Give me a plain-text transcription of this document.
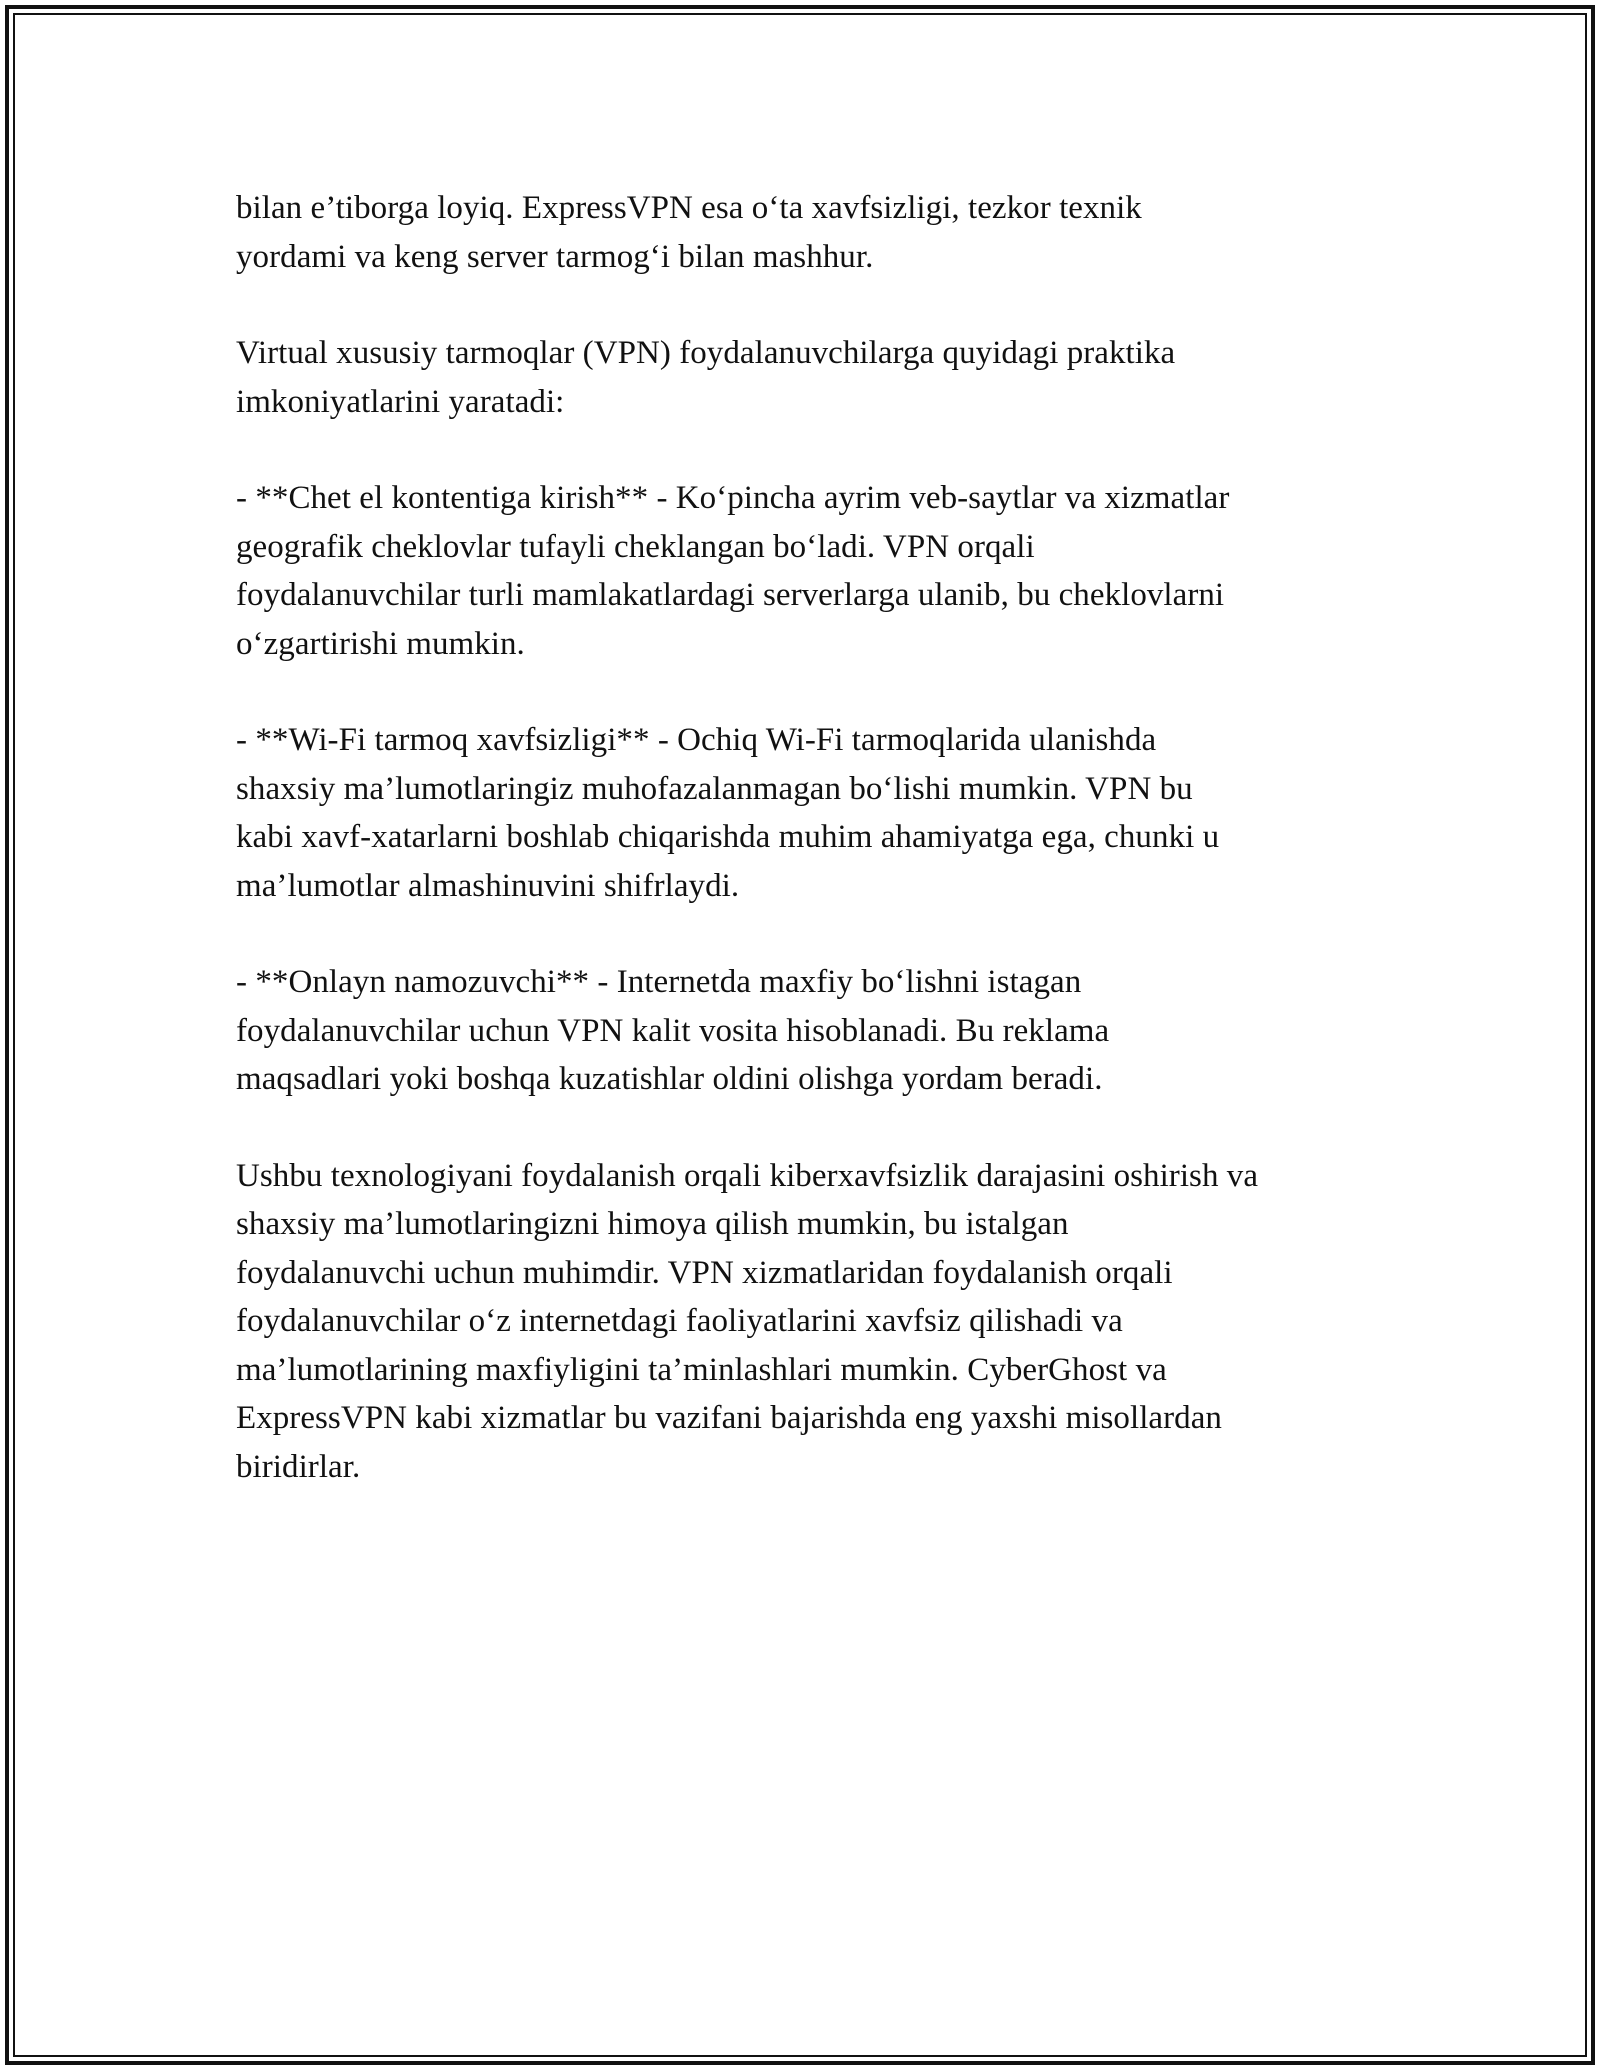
bilan e’tiborga loyiq. ExpressVPN esa o‘ta xavfsizligi, tezkor texnik
yordami va keng server tarmog‘i bilan mashhur.

Virtual xususiy tarmoqlar (VPN) foydalanuvchilarga quyidagi praktika
imkoniyatlarini yaratadi:

- **Chet el kontentiga kirish** - Ko‘pincha ayrim veb-saytlar va xizmatlar
geografik cheklovlar tufayli cheklangan bo‘ladi. VPN orqali
foydalanuvchilar turli mamlakatlardagi serverlarga ulanib, bu cheklovlarni
o‘zgartirishi mumkin.

- **Wi-Fi tarmoq xavfsizligi** - Ochiq Wi-Fi tarmoqlarida ulanishda
shaxsiy ma’lumotlaringiz muhofazalanmagan bo‘lishi mumkin. VPN bu
kabi xavf-xatarlarni boshlab chiqarishda muhim ahamiyatga ega, chunki u
ma’lumotlar almashinuvini shifrlaydi.

- **Onlayn namozuvchi** - Internetda maxfiy bo‘lishni istagan
foydalanuvchilar uchun VPN kalit vosita hisoblanadi. Bu reklama
maqsadlari yoki boshqa kuzatishlar oldini olishga yordam beradi.

Ushbu texnologiyani foydalanish orqali kiberxavfsizlik darajasini oshirish va
shaxsiy ma’lumotlaringizni himoya qilish mumkin, bu istalgan
foydalanuvchi uchun muhimdir. VPN xizmatlaridan foydalanish orqali
foydalanuvchilar o‘z internetdagi faoliyatlarini xavfsiz qilishadi va
ma’lumotlarining maxfiyligini ta’minlashlari mumkin. CyberGhost va
ExpressVPN kabi xizmatlar bu vazifani bajarishda eng yaxshi misollardan
biridirlar.
